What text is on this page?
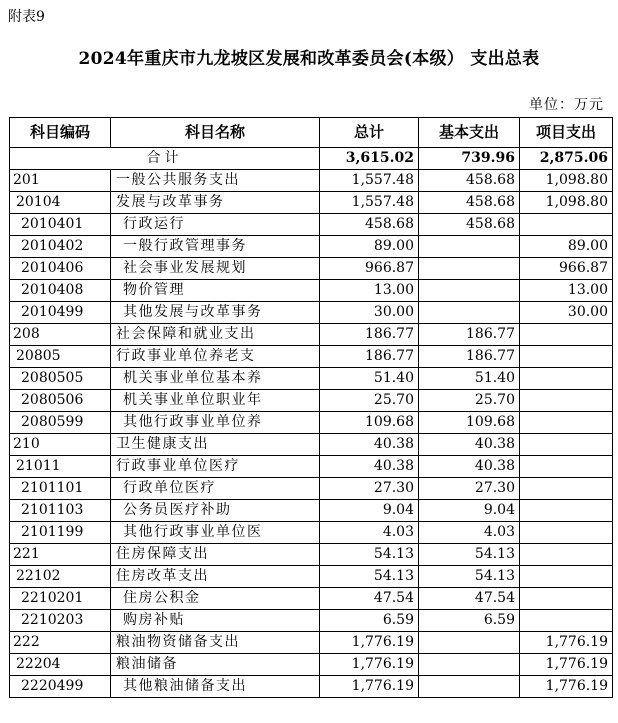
附表9
2024年重庆市九龙坡区发展和改革委员会(本级） 支出总表
单位：万元
科目编码	科目名称	总计	基本支出	项目支出
合计		3,615.02	739.96	2,875.06
201	一般公共服务支出	1,557.48	458.68	1,098.80
20104	发展与改革事务	1,557.48	458.68	1,098.80
2010401	行政运行	458.68	458.68	
2010402	一般行政管理事务	89.00		89.00
2010406	社会事业发展规划	966.87		966.87
2010408	物价管理	13.00		13.00
2010499	其他发展与改革事务	30.00		30.00
208	社会保障和就业支出	186.77	186.77	
20805	行政事业单位养老支	186.77	186.77	
2080505	机关事业单位基本养	51.40	51.40	
2080506	机关事业单位职业年	25.70	25.70	
2080599	其他行政事业单位养	109.68	109.68	
210	卫生健康支出	40.38	40.38	
21011	行政事业单位医疗	40.38	40.38	
2101101	行政单位医疗	27.30	27.30	
2101103	公务员医疗补助	9.04	9.04	
2101199	其他行政事业单位医	4.03	4.03	
221	住房保障支出	54.13	54.13	
22102	住房改革支出	54.13	54.13	
2210201	住房公积金	47.54	47.54	
2210203	购房补贴	6.59	6.59	
222	粮油物资储备支出	1,776.19		1,776.19
22204	粮油储备	1,776.19		1,776.19
2220499	其他粮油储备支出	1,776.19		1,776.19
